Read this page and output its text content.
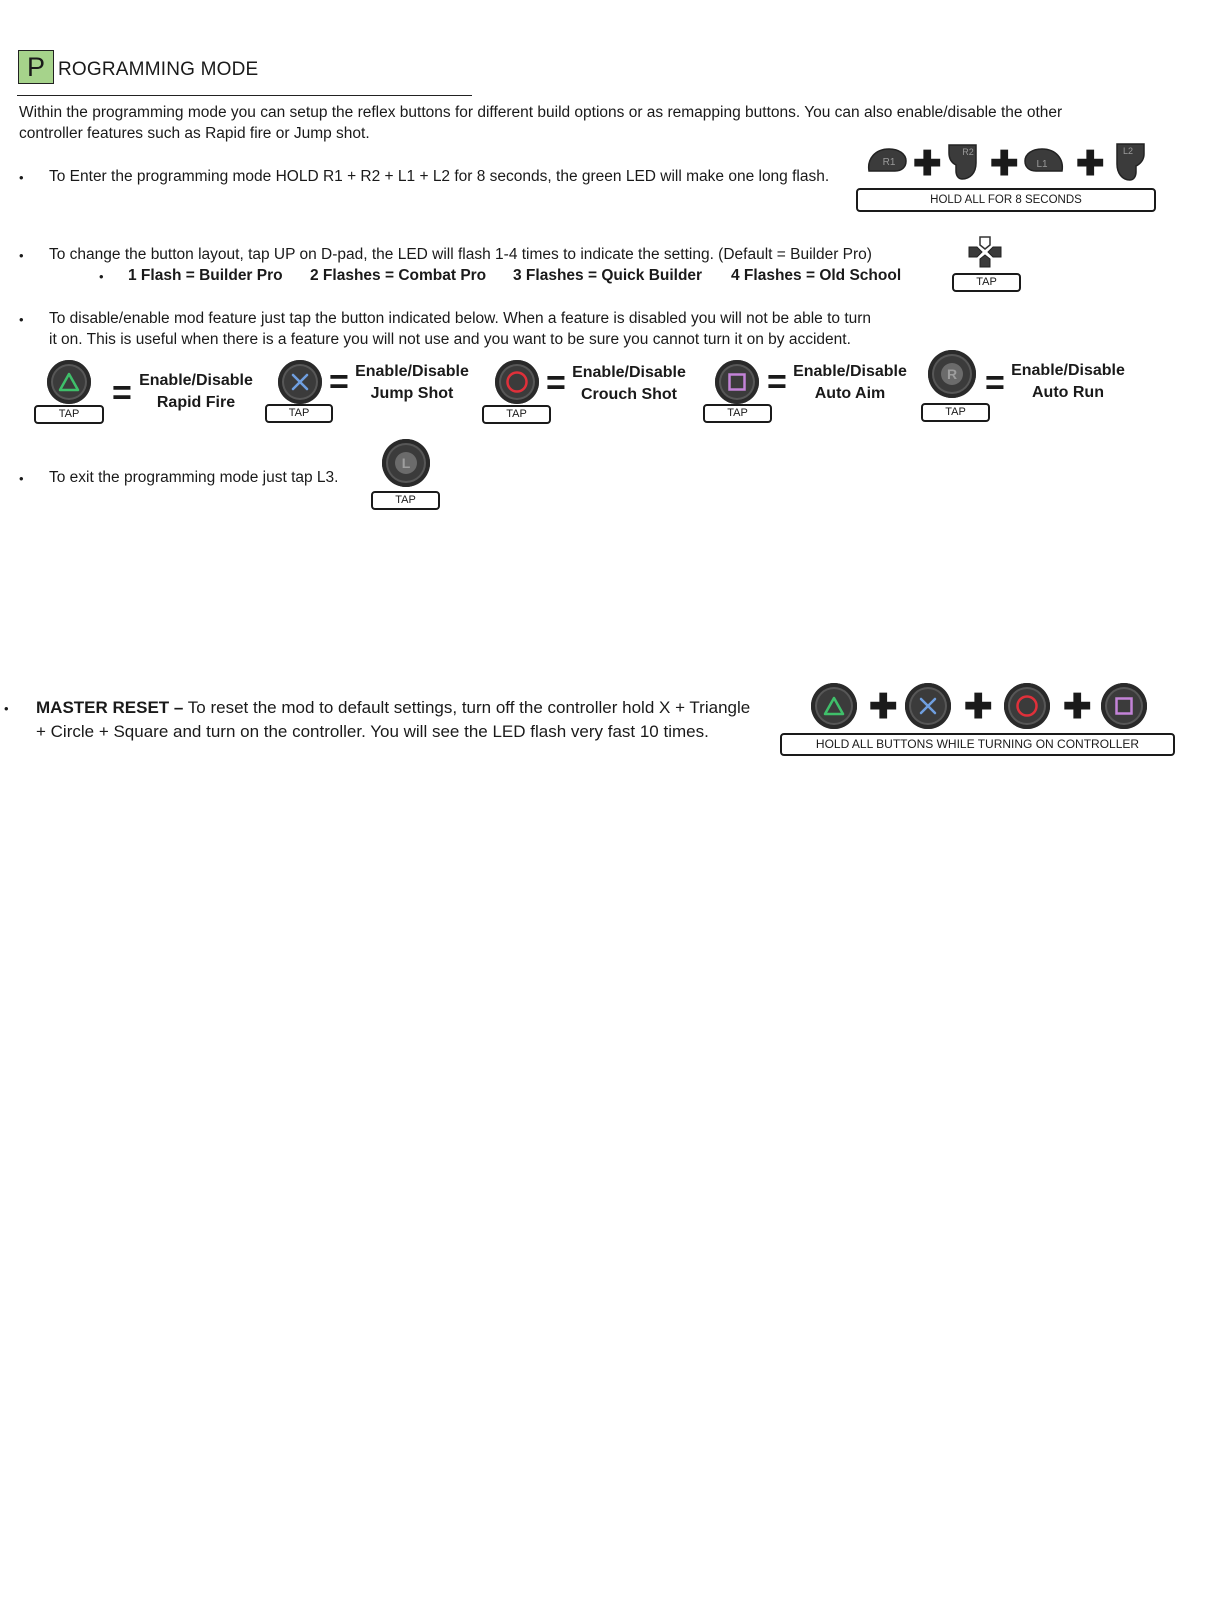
P ROGRAMMING MODE
Within the programming mode you can setup the reflex buttons for different build options or as remapping buttons. You can also enable/disable the other
controller features such as Rapid fire or Jump shot.
• To Enter the programming mode HOLD R1 + R2 + L1 + L2 for 8 seconds, the green LED will make one long flash.
R1 ✚ R2 ✚ L1 ✚ L2
HOLD ALL FOR 8 SECONDS
• To change the button layout, tap UP on D-pad, the LED will flash 1-4 times to indicate the setting. (Default = Builder Pro)
• 1 Flash = Builder Pro 2 Flashes = Combat Pro 3 Flashes = Quick Builder 4 Flashes = Old School	TAP
• To disable/enable mod feature just tap the button indicated below. When a feature is disabled you will not be able to turn
it on. This is useful when there is a feature you will not use and you want to be sure you cannot turn it on by accident.
TAP
= Enable/Disable
Rapid Fire
TAP
= Enable/Disable
Jump Shot
TAP
= Enable/Disable
Crouch Shot
TAP
= Enable/Disable
Auto Aim
R
TAP
= Enable/Disable
Auto Run
• To exit the programming mode just tap L3.
L
TAP
• MASTER RESET – To reset the mod to default settings, turn off the controller hold X + Triangle
+ Circle + Square and turn on the controller. You will see the LED flash very fast 10 times.
✚ ✚ ✚
HOLD ALL BUTTONS WHILE TURNING ON CONTROLLER
